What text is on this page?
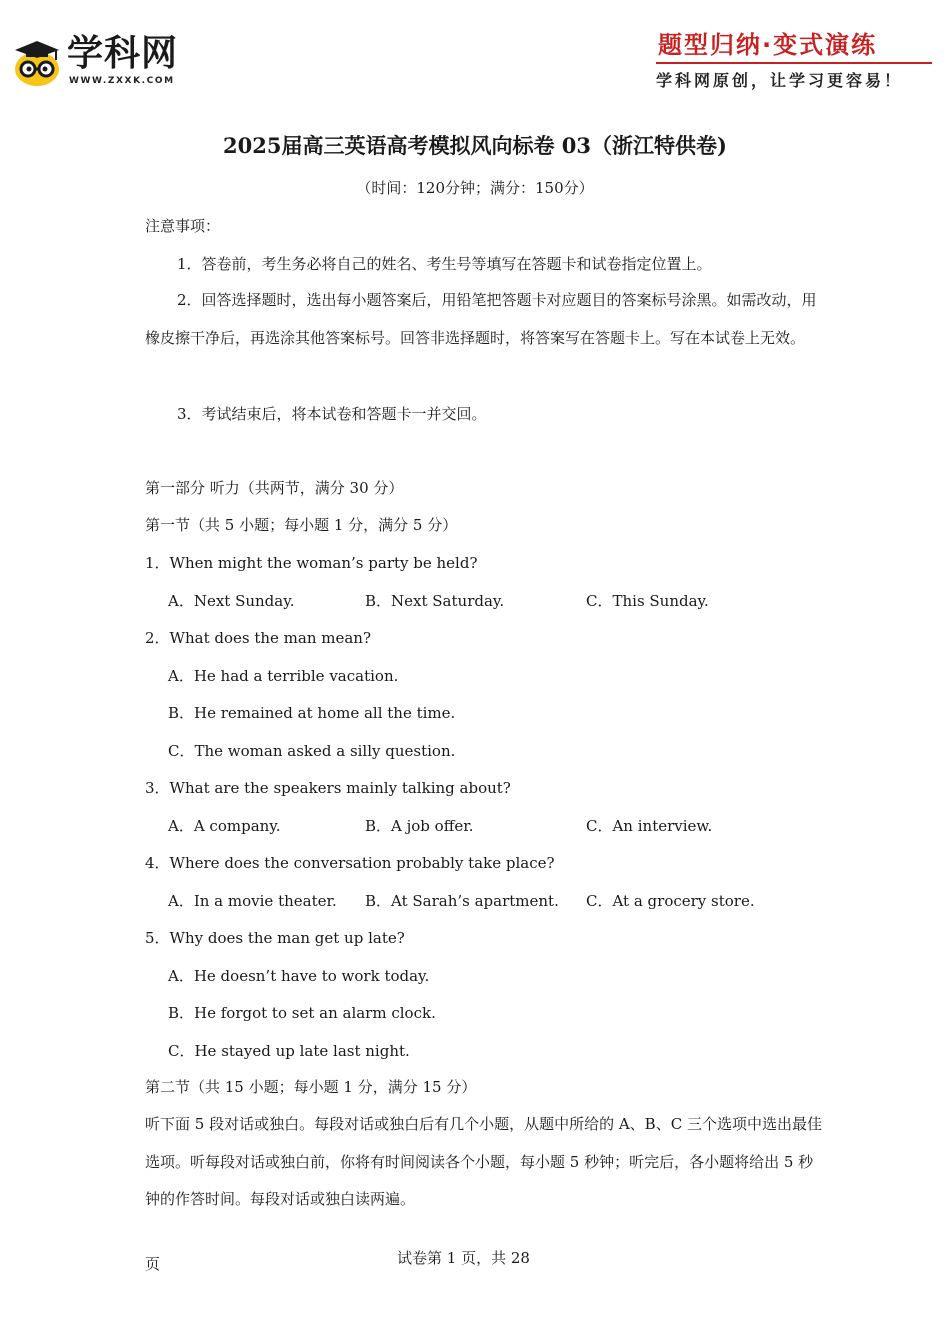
学科网
WWW.ZXXK.COM
题型归纳·变式演练
学科网原创，让学习更容易！
2025届高三英语高考模拟风向标卷 03（浙江特供卷)
（时间：120分钟；满分：150分）
注意事项：
1．答卷前，考生务必将自己的姓名、考生号等填写在答题卡和试卷指定位置上。
2．回答选择题时，选出每小题答案后，用铅笔把答题卡对应题目的答案标号涂黑。如需改动，用橡皮擦干净后，再选涂其他答案标号。回答非选择题时，将答案写在答题卡上。写在本试卷上无效。
3．考试结束后，将本试卷和答题卡一并交回。
第一部分 听力（共两节，满分 30 分）
第一节（共 5 小题；每小题 1 分，满分 5 分）
1．When might the woman’s party be held?
A．Next Sunday.	B．Next Saturday.	C．This Sunday.
2．What does the man mean?
A．He had a terrible vacation.
B．He remained at home all the time.
C．The woman asked a silly question.
3．What are the speakers mainly talking about?
A．A company.	B．A job offer.	C．An interview.
4．Where does the conversation probably take place?
A．In a movie theater. B．At Sarah’s apartment. C．At a grocery store.
5．Why does the man get up late?
A．He doesn’t have to work today.
B．He forgot to set an alarm clock.
C．He stayed up late last night.
第二节（共 15 小题；每小题 1 分，满分 15 分）
听下面 5 段对话或独白。每段对话或独白后有几个小题，从题中所给的 A、B、C 三个选项中选出最佳选项。听每段对话或独白前，你将有时间阅读各个小题，每小题 5 秒钟；听完后，各小题将给出 5 秒钟的作答时间。每段对话或独白读两遍。
试卷第 1 页，共 28
页
